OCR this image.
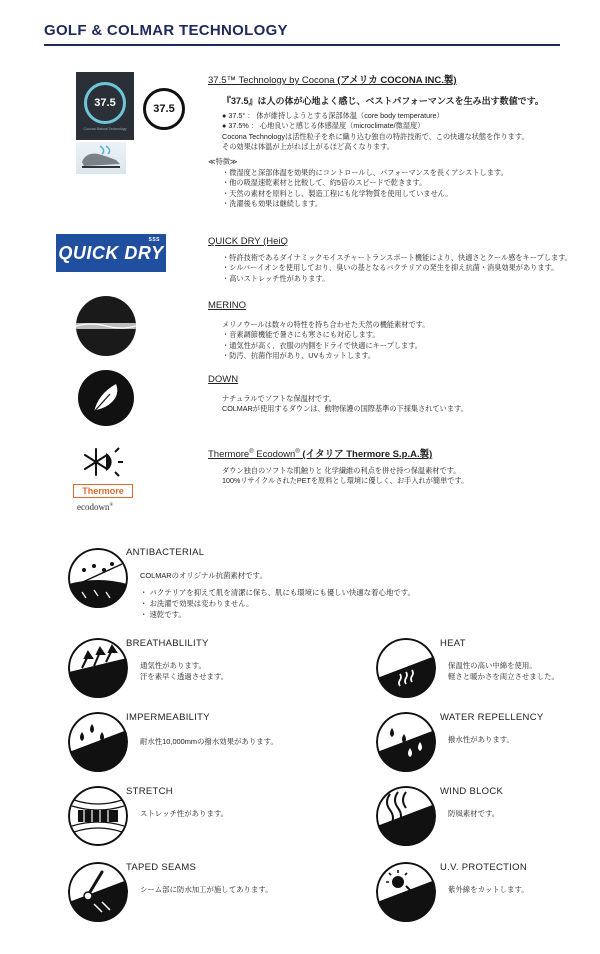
GOLF & COLMAR TECHNOLOGY
37.5
Cocona Natural Technology
37.5
37.5™ Technology by Cocona (アメリカ COCONA INC.製)
『37.5』は人の体が心地よく感じ、ベストパフォーマンスを生み出す数値です。
● 37.5° ： 体が維持しようとする深部体温（core body temperature）
● 37.5% ： 心地良いと感じる体感湿度（microclimate/微湿度）
Cocona Technologyは活性粒子を糸に織り込む独自の特許技術で、この快適な状態を作ります。
その効果は体温が上がれば上がるほど高くなります。
≪特徴≫
・微湿度と深部体温を効果的にコントロールし、パフォーマンスを長くアシストします。
・他の吸湿速乾素材と比較して、約5倍のスピードで乾きます。
・天然の素材を原料とし、製造工程にも化学物質を使用していません。
・洗濯後も効果は継続します。
QUICK DRY
SSS	QUICK DRY (HeiQ
・特許技術であるダイナミックモイスチャートランスポート機能により、快適さとクール感をキープします。
・シルバーイオンを使用しており、臭いの基となるバクテリアの発生を抑え抗菌・消臭効果があります。
・高いストレッチ性があります。
MERINO
メリノウールは数々の特性を持ち合わせた天然の機能素材です。
・音素調節機能で暑さにも寒さにも対応します。
・通気性が高く、衣服の内側をドライで快適にキープします。
・防汚、抗菌作用があり、UVもカットします。
DOWN
ナチュラルでソフトな保温材です。
COLMARが使用するダウンは、動物保護の国際基準の下採集されています。
Thermore
ecodown®
Thermore® Ecodown® (イタリア Thermore S.p.A.製)
ダウン独自のソフトな肌触りと 化学繊維の利点を併せ持つ保温素材です。
100%リサイクルされたPETを原料とし環境に優しく、お手入れが簡単です。
ANTIBACTERIAL
COLMARのオリジナル抗菌素材です。
・ バクテリアを抑えて肌を清潔に保ち、肌にも環境にも優しい快適な着心地です。
・ お洗濯で効果は変わりません。
・ 速乾です。
BREATHABLILITY
通気性があります。
汗を素早く透過させます。
HEAT
保温性の高い中綿を使用。
軽さと暖かさを両立させました。
IMPERMEABILITY
耐水性10,000mmの撥水効果があります。
WATER REPELLENCY
撥水性があります。
STRETCH
ストレッチ性があります。
WIND BLOCK
防風素材です。
TAPED SEAMS
シーム部に防水加工が施してあります。
U.V. PROTECTION
紫外線をカットします。
